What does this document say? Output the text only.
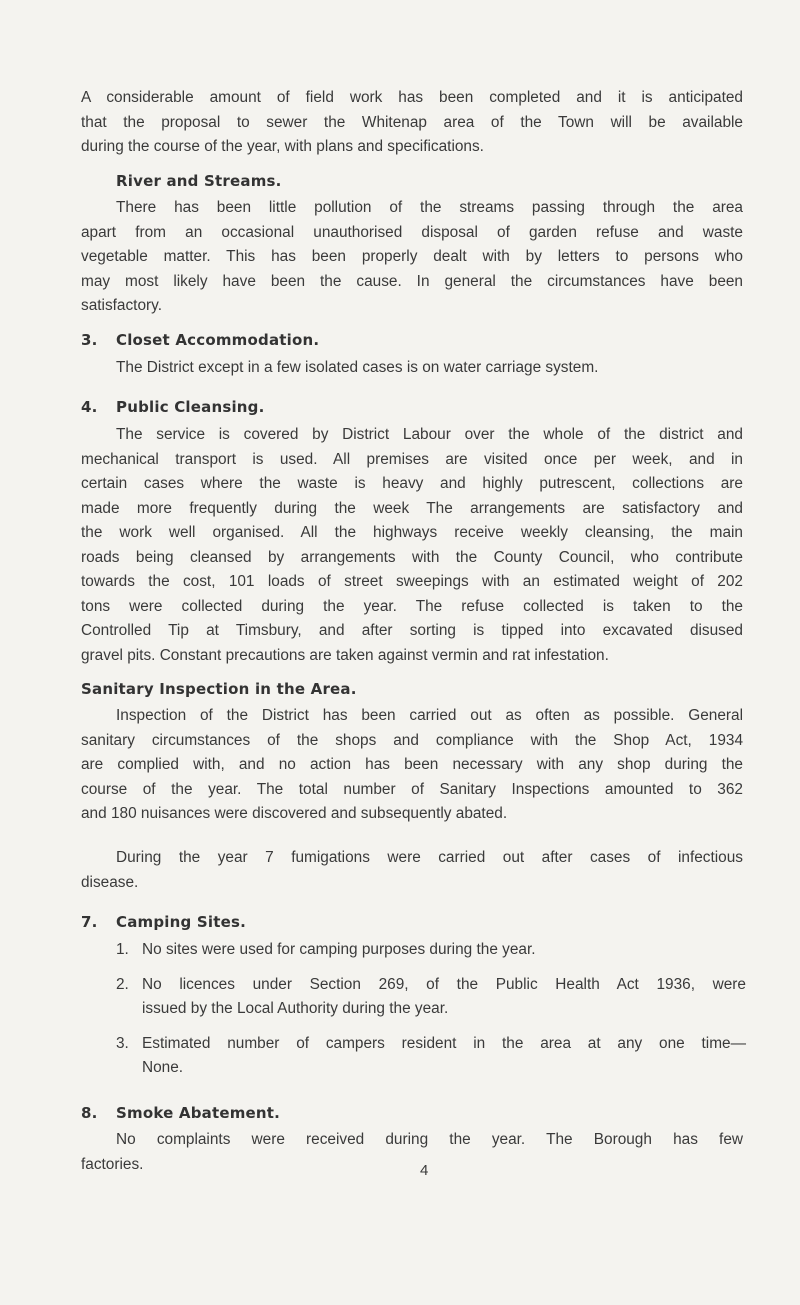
A considerable amount of field work has been completed and it is anticipated
that the proposal to sewer the Whitenap area of the Town will be available
during the course of the year, with plans and specifications.
River and Streams.
There has been little pollution of the streams passing through the area
apart from an occasional unauthorised disposal of garden refuse and waste
vegetable matter. This has been properly dealt with by letters to persons who
may most likely have been the cause. In general the circumstances have been
satisfactory.
3. Closet Accommodation.
The District except in a few isolated cases is on water carriage system.
4. Public Cleansing.
The service is covered by District Labour over the whole of the district and
mechanical transport is used. All premises are visited once per week, and in
certain cases where the waste is heavy and highly putrescent, collections are
made more frequently during the week The arrangements are satisfactory and
the work well organised. All the highways receive weekly cleansing, the main
roads being cleansed by arrangements with the County Council, who contribute
towards the cost, 101 loads of street sweepings with an estimated weight of 202
tons were collected during the year. The refuse collected is taken to the
Controlled Tip at Timsbury, and after sorting is tipped into excavated disused
gravel pits. Constant precautions are taken against vermin and rat infestation.
Sanitary Inspection in the Area.
Inspection of the District has been carried out as often as possible. General
sanitary circumstances of the shops and compliance with the Shop Act, 1934
are complied with, and no action has been necessary with any shop during the
course of the year. The total number of Sanitary Inspections amounted to 362
and 180 nuisances were discovered and subsequently abated.
During the year 7 fumigations were carried out after cases of infectious
disease.
7. Camping Sites.
1. No sites were used for camping purposes during the year.
2. No licences under Section 269, of the Public Health Act 1936, were
issued by the Local Authority during the year.
3. Estimated number of campers resident in the area at any one time—
None.
8. Smoke Abatement.
No complaints were received during the year. The Borough has few
factories.	4
